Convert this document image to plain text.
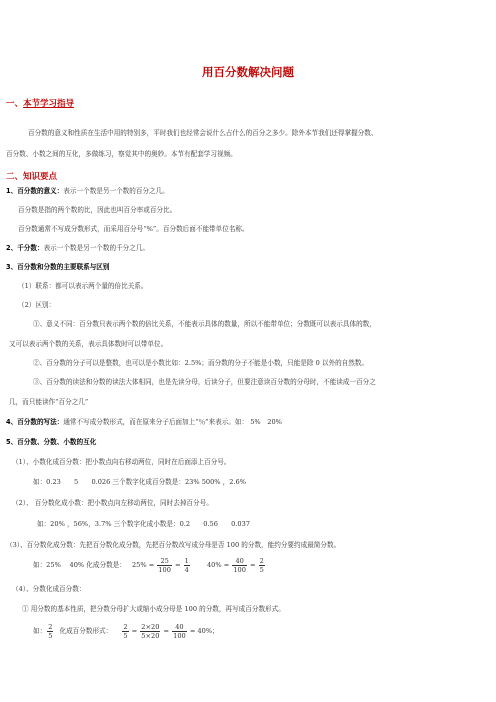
用百分数解决问题
一、本节学习指导
百分数的意义和性质在生活中用的特别多，平时我们也经常会说什么占什么的百分之多少。除外本节我们还得掌握分数、
百分数、小数之间的互化，多做练习，察觉其中的奥妙。本节有配套学习视频。
二、知识要点
1、百分数的意义：表示一个数是另一个数的百分之几。
百分数是指的两个数的比，因此也叫百分率或百分比。
百分数通常不写成分数形式，而采用百分号“%”。百分数后面不能带单位名称。
2、千分数：表示一个数是另一个数的千分之几。
3、百分数和分数的主要联系与区别
（1）联系：都可以表示两个量的倍比关系。
（2）区别：
①、意义不同：百分数只表示两个数的倍比关系，不能表示具体的数量，所以不能带单位；分数既可以表示具体的数，
又可以表示两个数的关系，表示具体数时可以带单位。
②、百分数的分子可以是整数，也可以是小数比如：2.5%；而分数的分子不能是小数，只能是除 0 以外的自然数。
③、百分数的读法和分数的读法大体相同，也是先读分母，后读分子，但要注意读百分数的分母时，不能读成一百分之
几，而只能读作“百分之几”
4、百分数的写法：通常不写成分数形式，而在原来分子后面加上“％”来表示。如： 5%　20%
5、百分数、分数、小数的互化
（1）、小数化成百分数：把小数点向右移动两位，同时在后面添上百分号。
如：0.23　　5　　0.026 三个数字化成百分数是：23% 500% ，2.6%
（2）、 百分数化成小数：把小数点向左移动两位，同时去掉百分号。
如：20% ，56%，3.7% 三个数字化成小数是：0.2　　0.56　　0.037
（3）、百分数化成分数：先把百分数化成分数，先把百分数改写成分母是否 100 的分数，能约分要约成最简分数。
如：25%　 40% 化成分数是： $25\% = \frac{25}{100} = \frac{1}{4}$	$40\% = \frac{40}{100} = \frac{2}{5}$
（4）、分数化成百分数：
① 用分数的基本性质，把分数分母扩大或缩小成分母是 100 的分数，再写成百分数形式。
如： $\frac{2}{5}$ 化成百分数形式： $\frac{2}{5} = \frac{2\times 20}{5\times 20} = \frac{40}{100} = 40\%$；
